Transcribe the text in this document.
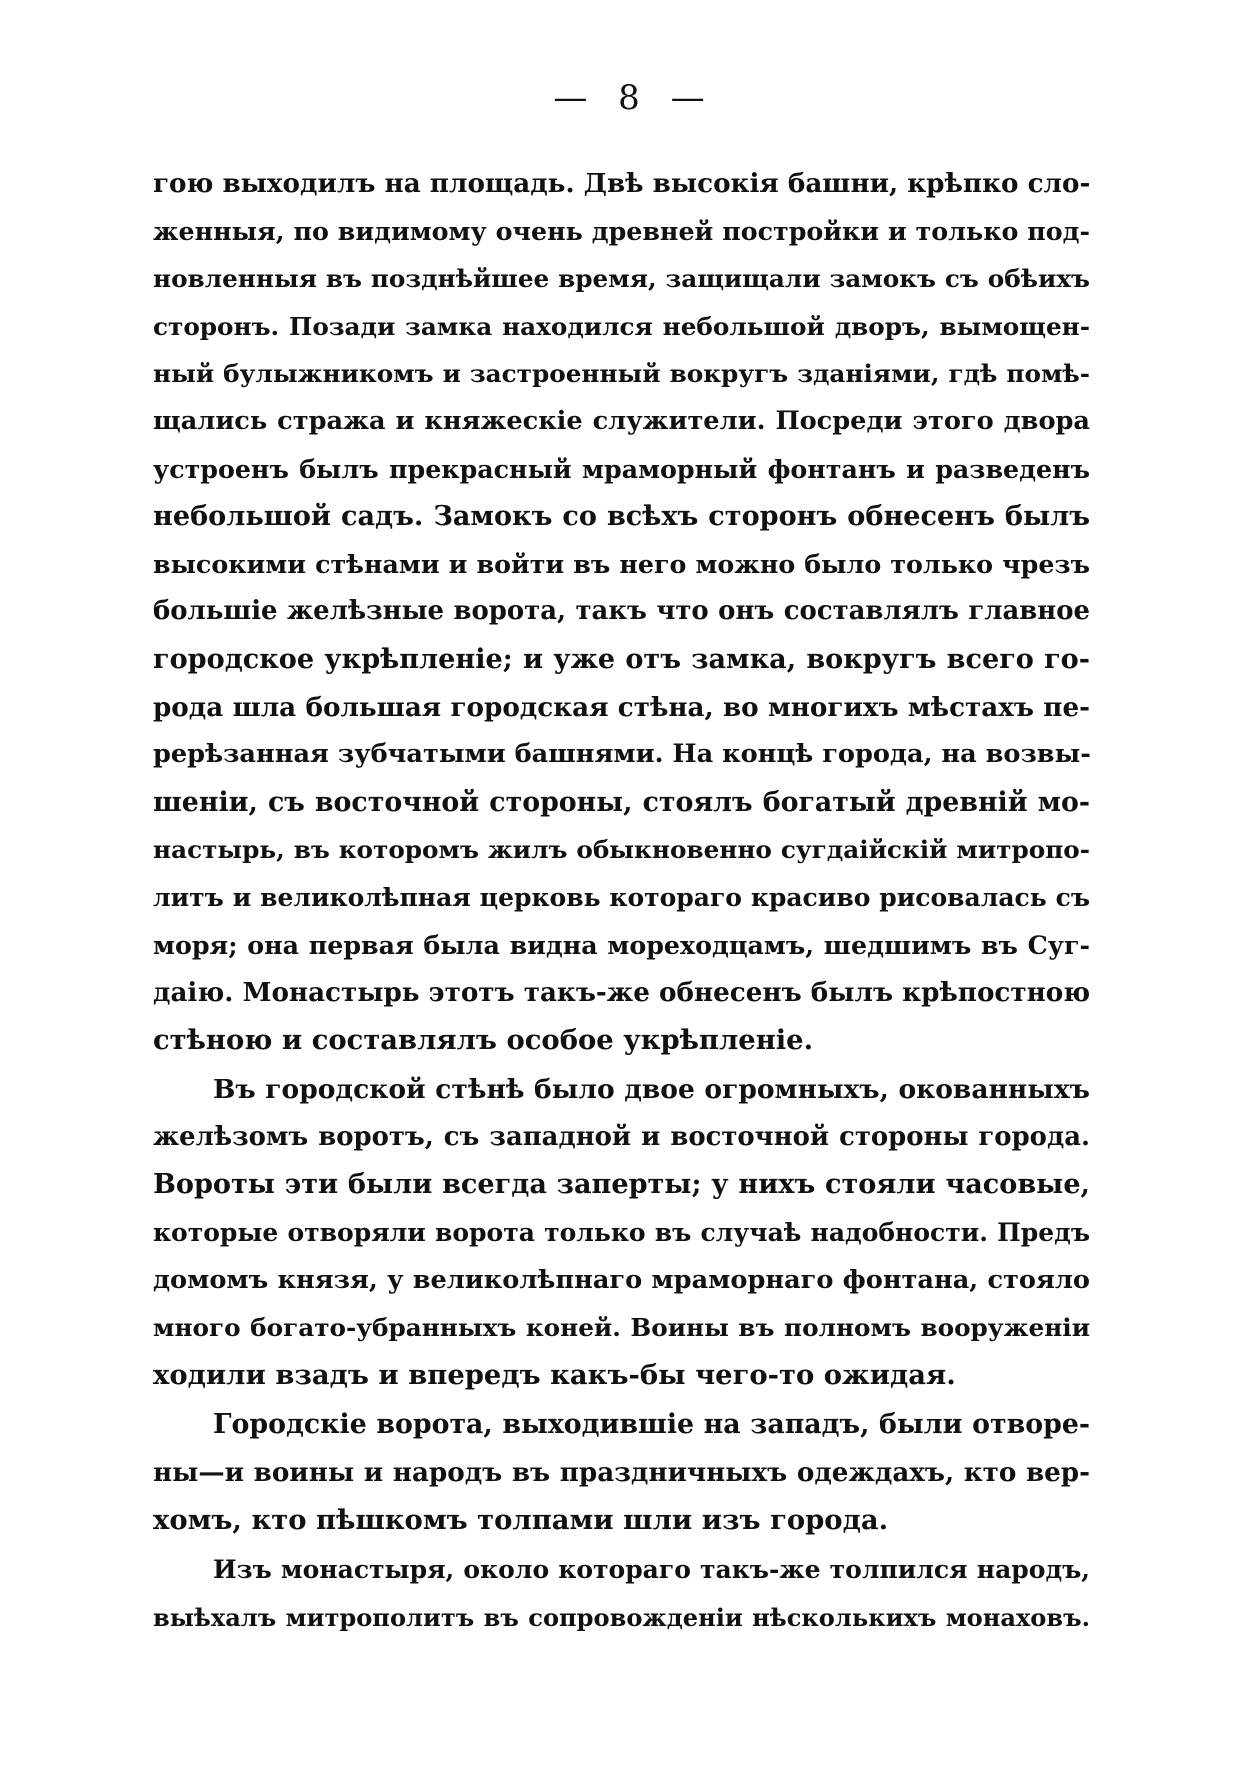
— 8 —
гою выходилъ на площадь. Двѣ высокія башни, крѣпко сло-
женныя, по видимому очень древней постройки и только под-
новленныя въ позднѣйшее время, защищали замокъ съ обѣихъ
сторонъ. Позади замка находился небольшой дворъ, вымощен-
ный булыжникомъ и застроенный вокругъ зданіями, гдѣ помѣ-
щались стража и княжескіе служители. Посреди этого двора
устроенъ былъ прекрасный мраморный фонтанъ и разведенъ
небольшой садъ. Замокъ со всѣхъ сторонъ обнесенъ былъ
высокими стѣнами и войти въ него можно было только чрезъ
большіе желѣзные ворота, такъ что онъ составлялъ главное
городское укрѣпленіе; и уже отъ замка, вокругъ всего го-
рода шла большая городская стѣна, во многихъ мѣстахъ пе-
рерѣзанная зубчатыми башнями. На концѣ города, на возвы-
шеніи, съ восточной стороны, стоялъ богатый древній мо-
настырь, въ которомъ жилъ обыкновенно сугдаійскій митропо-
литъ и великолѣпная церковь котораго красиво рисовалась съ
моря; она первая была видна мореходцамъ, шедшимъ въ Суг-
даію. Монастырь этотъ такъ-же обнесенъ былъ крѣпостною
стѣною и составлялъ особое укрѣпленіе.
Въ городской стѣнѣ было двое огромныхъ, окованныхъ
желѣзомъ воротъ, съ западной и восточной стороны города.
Вороты эти были всегда заперты; у нихъ стояли часовые,
которые отворяли ворота только въ случаѣ надобности. Предъ
домомъ князя, у великолѣпнаго мраморнаго фонтана, стояло
много богато-убранныхъ коней. Воины въ полномъ вооруженіи
ходили взадъ и впередъ какъ-бы чего-то ожидая.
Городскіе ворота, выходившіе на западъ, были отворе-
ны—и воины и народъ въ праздничныхъ одеждахъ, кто вер-
хомъ, кто пѣшкомъ толпами шли изъ города.
Изъ монастыря, около котораго такъ-же толпился народъ,
выѣхалъ митрополитъ въ сопровожденіи нѣсколькихъ монаховъ.
